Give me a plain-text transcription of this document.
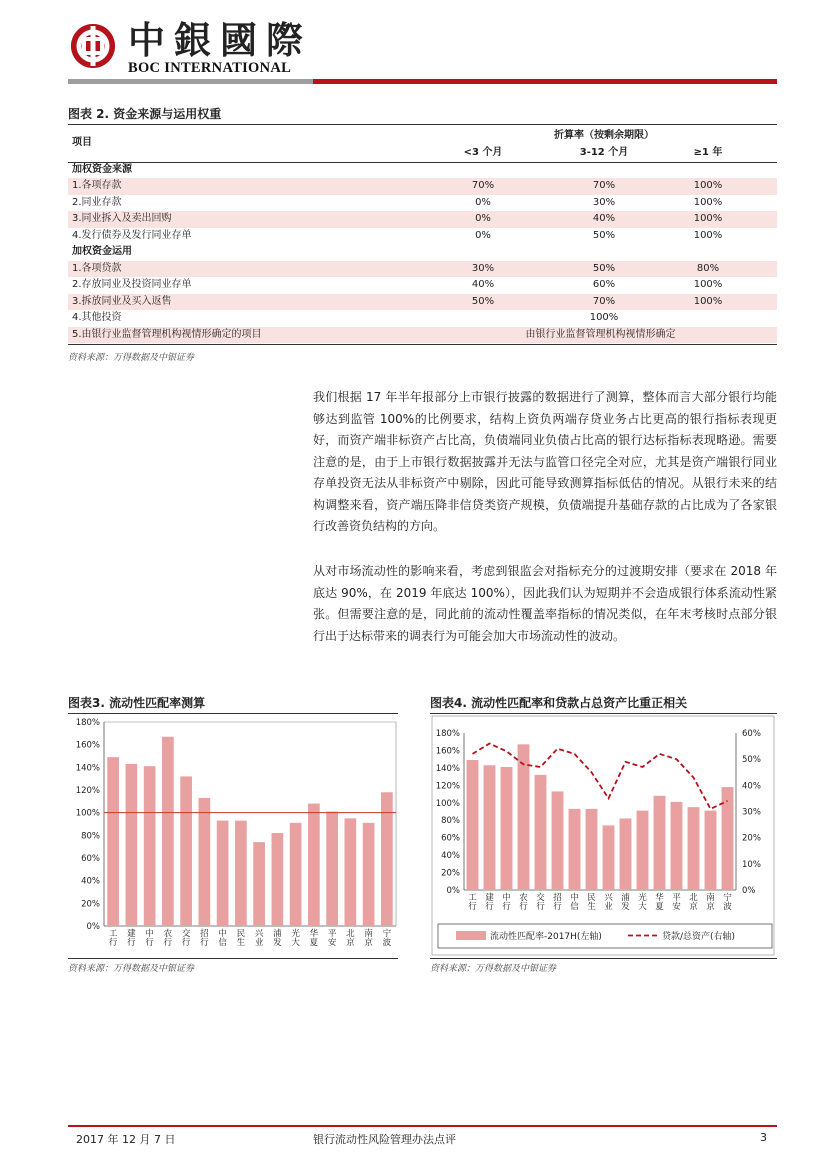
中銀國際
BOC INTERNATIONAL
图表 2. 资金来源与运用权重
项目
折算率（按剩余期限）
<3 个月	3-12 个月	≥1 年
加权资金来源
1.各项存款	70%	70%	100%
2.同业存款	0%	30%	100%
3.同业拆入及卖出回购	0%	40%	100%
4.发行债券及发行同业存单	0%	50%	100%
加权资金运用
1.各项贷款	30%	50%	80%
2.存放同业及投资同业存单	40%	60%	100%
3.拆放同业及买入返售	50%	70%	100%
4.其他投资	100%
5.由银行业监督管理机构视情形确定的项目	由银行业监督管理机构视情形确定
资料来源：万得数据及中银证券
我们根据 17 年半年报部分上市银行披露的数据进行了测算，整体而言大部分银行均能够达到监管 100%的比例要求，结构上资负两端存贷业务占比更高的银行指标表现更好，而资产端非标资产占比高，负债端同业负债占比高的银行达标指标表现略逊。需要注意的是，由于上市银行数据披露并无法与监管口径完全对应，尤其是资产端银行同业存单投资无法从非标资产中剔除，因此可能导致测算指标低估的情况。从银行未来的结构调整来看，资产端压降非信贷类资产规模，负债端提升基础存款的占比成为了各家银行改善资负结构的方向。
从对市场流动性的影响来看，考虑到银监会对指标充分的过渡期安排（要求在 2018 年底达 90%，在 2019 年底达 100%），因此我们认为短期并不会造成银行体系流动性紧张。但需要注意的是，同此前的流动性覆盖率指标的情况类似，在年末考核时点部分银行出于达标带来的调表行为可能会加大市场流动性的波动。
图表3. 流动性匹配率测算
0%
20%
40%
60%
80%
100%
120%
140%
160%
180%
工行
建行
中行
农行
交行
招行
中信
民生
兴业
浦发
光大
华夏
平安
北京
南京
宁波
资料来源：万得数据及中银证券
图表4. 流动性匹配率和贷款占总资产比重正相关
0%
20%
40%
60%
80%
100%
120%
140%
160%
180%
0%
10%
20%
30%
40%
50%
60%
工行
建行
中行
农行
交行
招行
中信
民生
兴业
浦发
光大
华夏
平安
北京
南京
宁波
流动性匹配率-2017H(左轴)	贷款/总资产(右轴)
资料来源：万得数据及中银证券
2017 年 12 月 7 日	银行流动性风险管理办法点评	3
